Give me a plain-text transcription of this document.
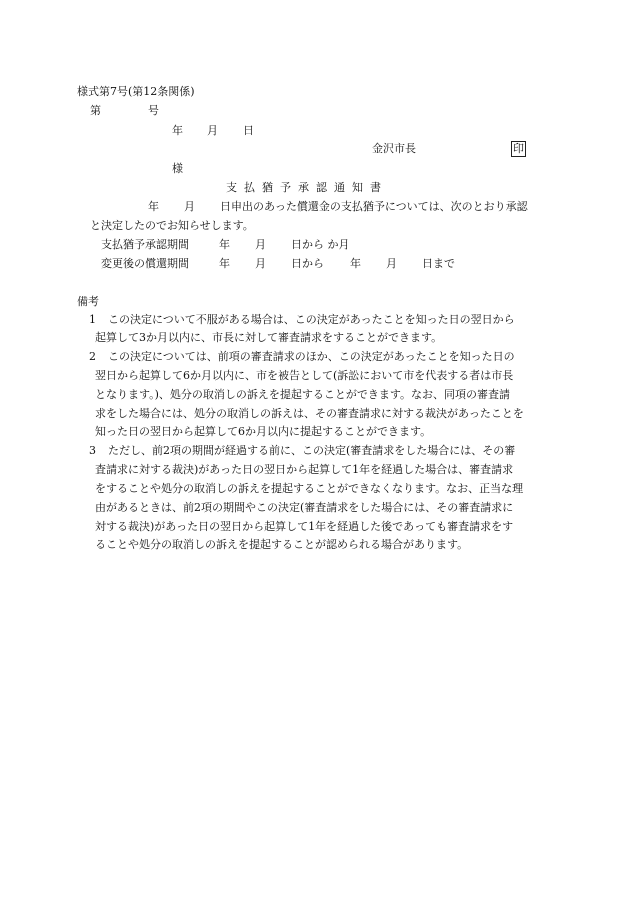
様式第7号(第12条関係)
第	号
年 月 日
金沢市長	印
様
支払猶予承認通知書
年 月 日申出のあった償還金の支払猶予については、次のとおり承認
と決定したのでお知らせします。
支払猶予承認期間	年 月 日から か月
変更後の償還期間	年 月 日から 年 月 日まで
備考
1 この決定について不服がある場合は、この決定があったことを知った日の翌日から
起算して3か月以内に、市長に対して審査請求をすることができます。
2 この決定については、前項の審査請求のほか、この決定があったことを知った日の
翌日から起算して6か月以内に、市を被告として(訴訟において市を代表する者は市長
となります。)、処分の取消しの訴えを提起することができます。なお、同項の審査請
求をした場合には、処分の取消しの訴えは、その審査請求に対する裁決があったことを
知った日の翌日から起算して6か月以内に提起することができます。
3 ただし、前2項の期間が経過する前に、この決定(審査請求をした場合には、その審
査請求に対する裁決)があった日の翌日から起算して1年を経過した場合は、審査請求
をすることや処分の取消しの訴えを提起することができなくなります。なお、正当な理
由があるときは、前2項の期間やこの決定(審査請求をした場合には、その審査請求に
対する裁決)があった日の翌日から起算して1年を経過した後であっても審査請求をす
ることや処分の取消しの訴えを提起することが認められる場合があります。
